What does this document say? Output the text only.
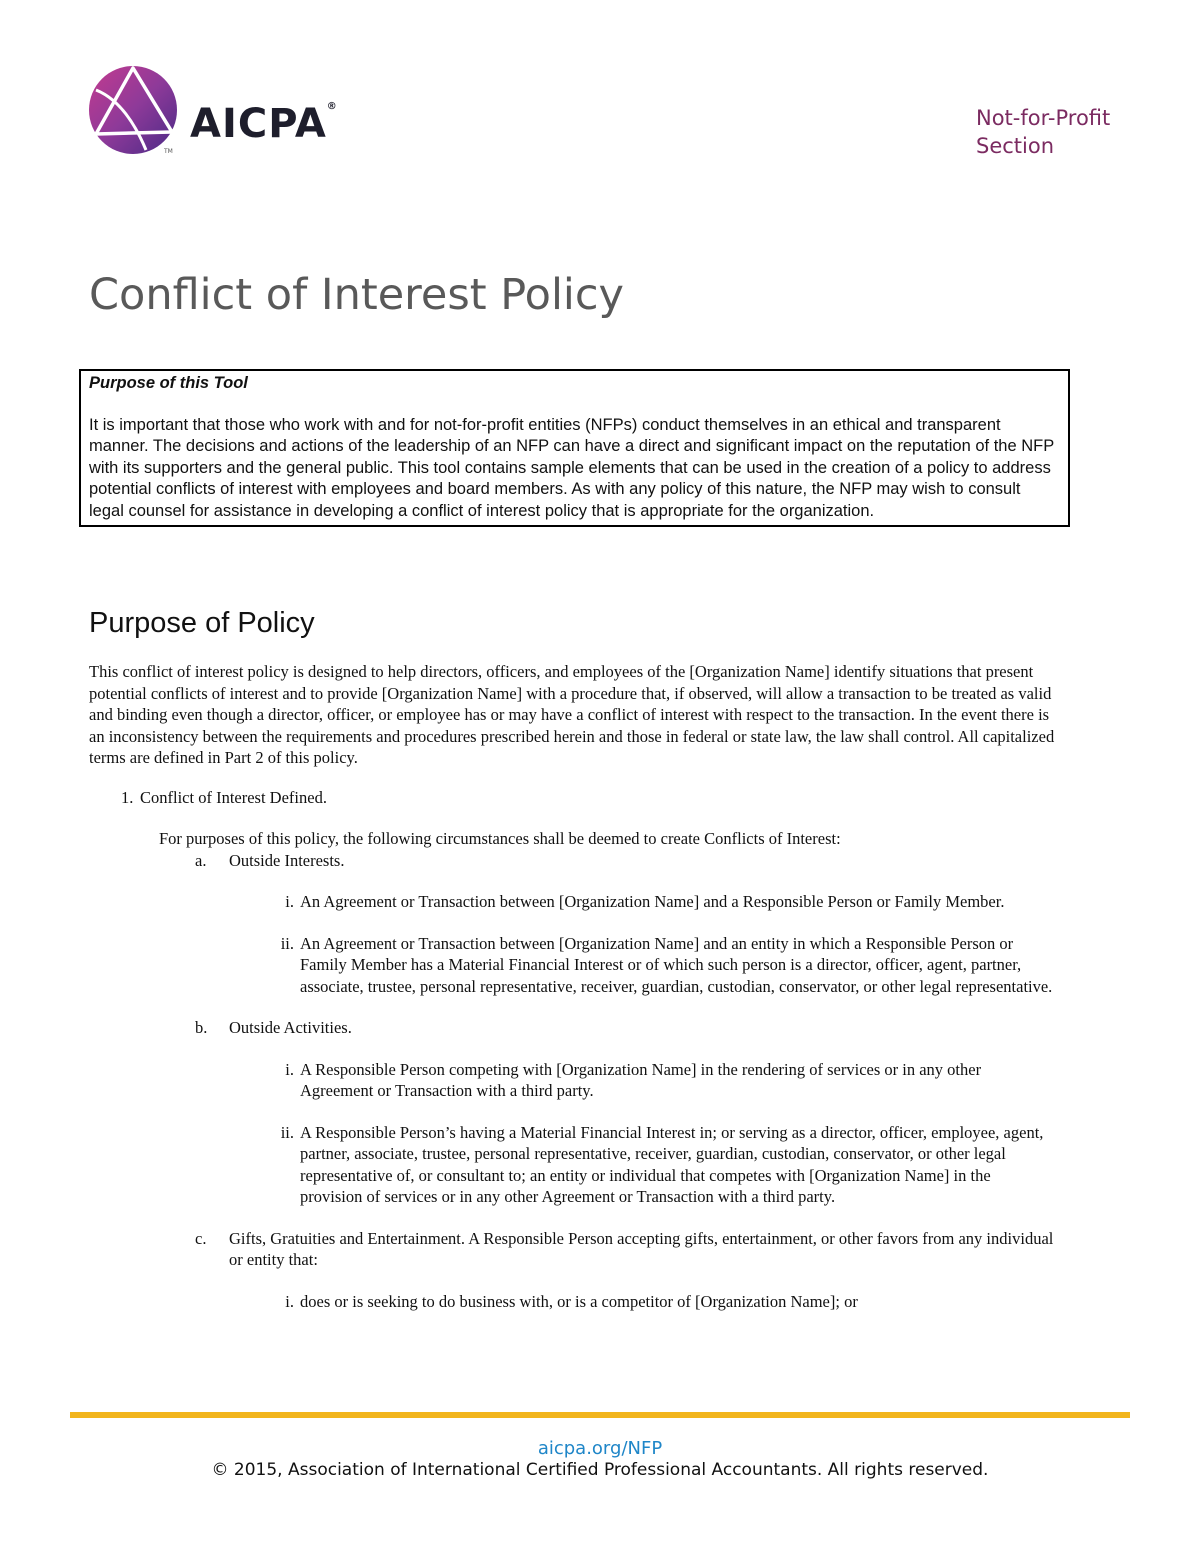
AICPA®
TM
Not-for-Profit
Section
Conflict of Interest Policy

Purpose of this Tool

It is important that those who work with and for not-for-profit entities (NFPs) conduct themselves in an ethical and transparent manner. The decisions and actions of the leadership of an NFP can have a direct and significant impact on the reputation of the NFP with its supporters and the general public. This tool contains sample elements that can be used in the creation of a policy to address potential conflicts of interest with employees and board members. As with any policy of this nature, the NFP may wish to consult legal counsel for assistance in developing a conflict of interest policy that is appropriate for the organization.

Purpose of Policy

This conflict of interest policy is designed to help directors, officers, and employees of the [Organization Name] identify situations that present potential conflicts of interest and to provide [Organization Name] with a procedure that, if observed, will allow a transaction to be treated as valid and binding even though a director, officer, or employee has or may have a conflict of interest with respect to the transaction. In the event there is an inconsistency between the requirements and procedures prescribed herein and those in federal or state law, the law shall control. All capitalized terms are defined in Part 2 of this policy.

1. Conflict of Interest Defined.

For purposes of this policy, the following circumstances shall be deemed to create Conflicts of Interest:

a. Outside Interests.
i. An Agreement or Transaction between [Organization Name] and a Responsible Person or Family Member.
ii. An Agreement or Transaction between [Organization Name] and an entity in which a Responsible Person or Family Member has a Material Financial Interest or of which such person is a director, officer, agent, partner, associate, trustee, personal representative, receiver, guardian, custodian, conservator, or other legal representative.
b. Outside Activities.
i. A Responsible Person competing with [Organization Name] in the rendering of services or in any other Agreement or Transaction with a third party.
ii. A Responsible Person’s having a Material Financial Interest in; or serving as a director, officer, employee, agent, partner, associate, trustee, personal representative, receiver, guardian, custodian, conservator, or other legal representative of, or consultant to; an entity or individual that competes with [Organization Name] in the provision of services or in any other Agreement or Transaction with a third party.
c. Gifts, Gratuities and Entertainment. A Responsible Person accepting gifts, entertainment, or other favors from any individual or entity that:
i. does or is seeking to do business with, or is a competitor of [Organization Name]; or
aicpa.org/NFP
© 2015, Association of International Certified Professional Accountants. All rights reserved.
